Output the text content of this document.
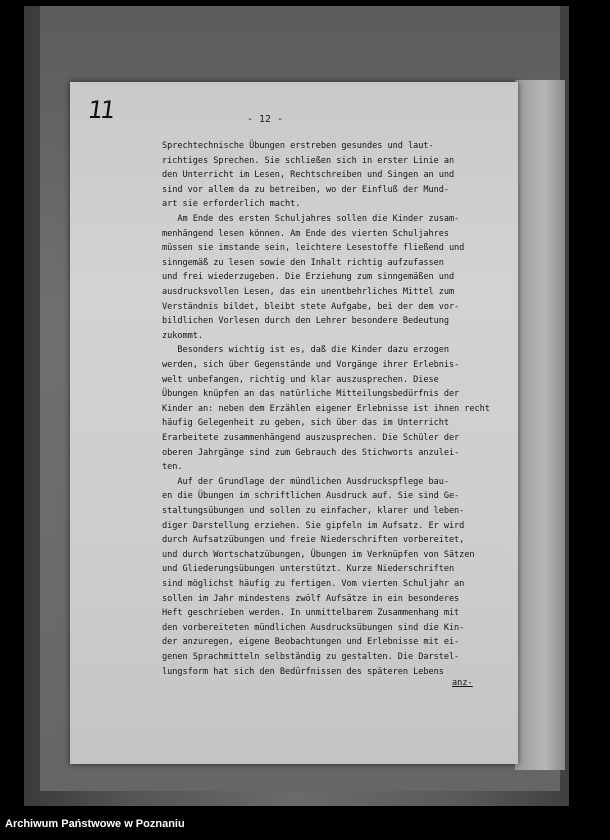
11	- 12 -
Sprechtechnische Übungen erstreben gesundes und laut-
richtiges Sprechen. Sie schließen sich in erster Linie an
den Unterricht im Lesen, Rechtschreiben und Singen an und
sind vor allem da zu betreiben, wo der Einfluß der Mund-
art sie erforderlich macht.
Am Ende des ersten Schuljahres sollen die Kinder zusam-
menhängend lesen können. Am Ende des vierten Schuljahres
müssen sie imstande sein, leichtere Lesestoffe fließend und
sinngemäß zu lesen sowie den Inhalt richtig aufzufassen
und frei wiederzugeben. Die Erziehung zum sinngemäßen und
ausdrucksvollen Lesen, das ein unentbehrliches Mittel zum
Verständnis bildet, bleibt stete Aufgabe, bei der dem vor-
bildlichen Vorlesen durch den Lehrer besondere Bedeutung
zukommt.
Besonders wichtig ist es, daß die Kinder dazu erzogen
werden, sich über Gegenstände und Vorgänge ihrer Erlebnis-
welt unbefangen, richtig und klar auszusprechen. Diese
Übungen knüpfen an das natürliche Mitteilungsbedürfnis der
Kinder an: neben dem Erzählen eigener Erlebnisse ist ihnen recht
häufig Gelegenheit zu geben, sich über das im Unterricht
Erarbeitete zusammenhängend auszusprechen. Die Schüler der
oberen Jahrgänge sind zum Gebrauch des Stichworts anzulei-
ten.
Auf der Grundlage der mündlichen Ausdruckspflege bau-
en die Übungen im schriftlichen Ausdruck auf. Sie sind Ge-
staltungsübungen und sollen zu einfacher, klarer und leben-
diger Darstellung erziehen. Sie gipfeln im Aufsatz. Er wird
durch Aufsatzübungen und freie Niederschriften vorbereitet,
und durch Wortschatzübungen, Übungen im Verknüpfen von Sätzen
und Gliederungsübungen unterstützt. Kurze Niederschriften
sind möglichst häufig zu fertigen. Vom vierten Schuljahr an
sollen im Jahr mindestens zwölf Aufsätze in ein besonderes
Heft geschrieben werden. In unmittelbarem Zusammenhang mit
den vorbereiteten mündlichen Ausdrucksübungen sind die Kin-
der anzuregen, eigene Beobachtungen und Erlebnisse mit ei-
genen Sprachmitteln selbständig zu gestalten. Die Darstel-
lungsform hat sich den Bedürfnissen des späteren Lebens
anz-
Archiwum Państwowe w Poznaniu
